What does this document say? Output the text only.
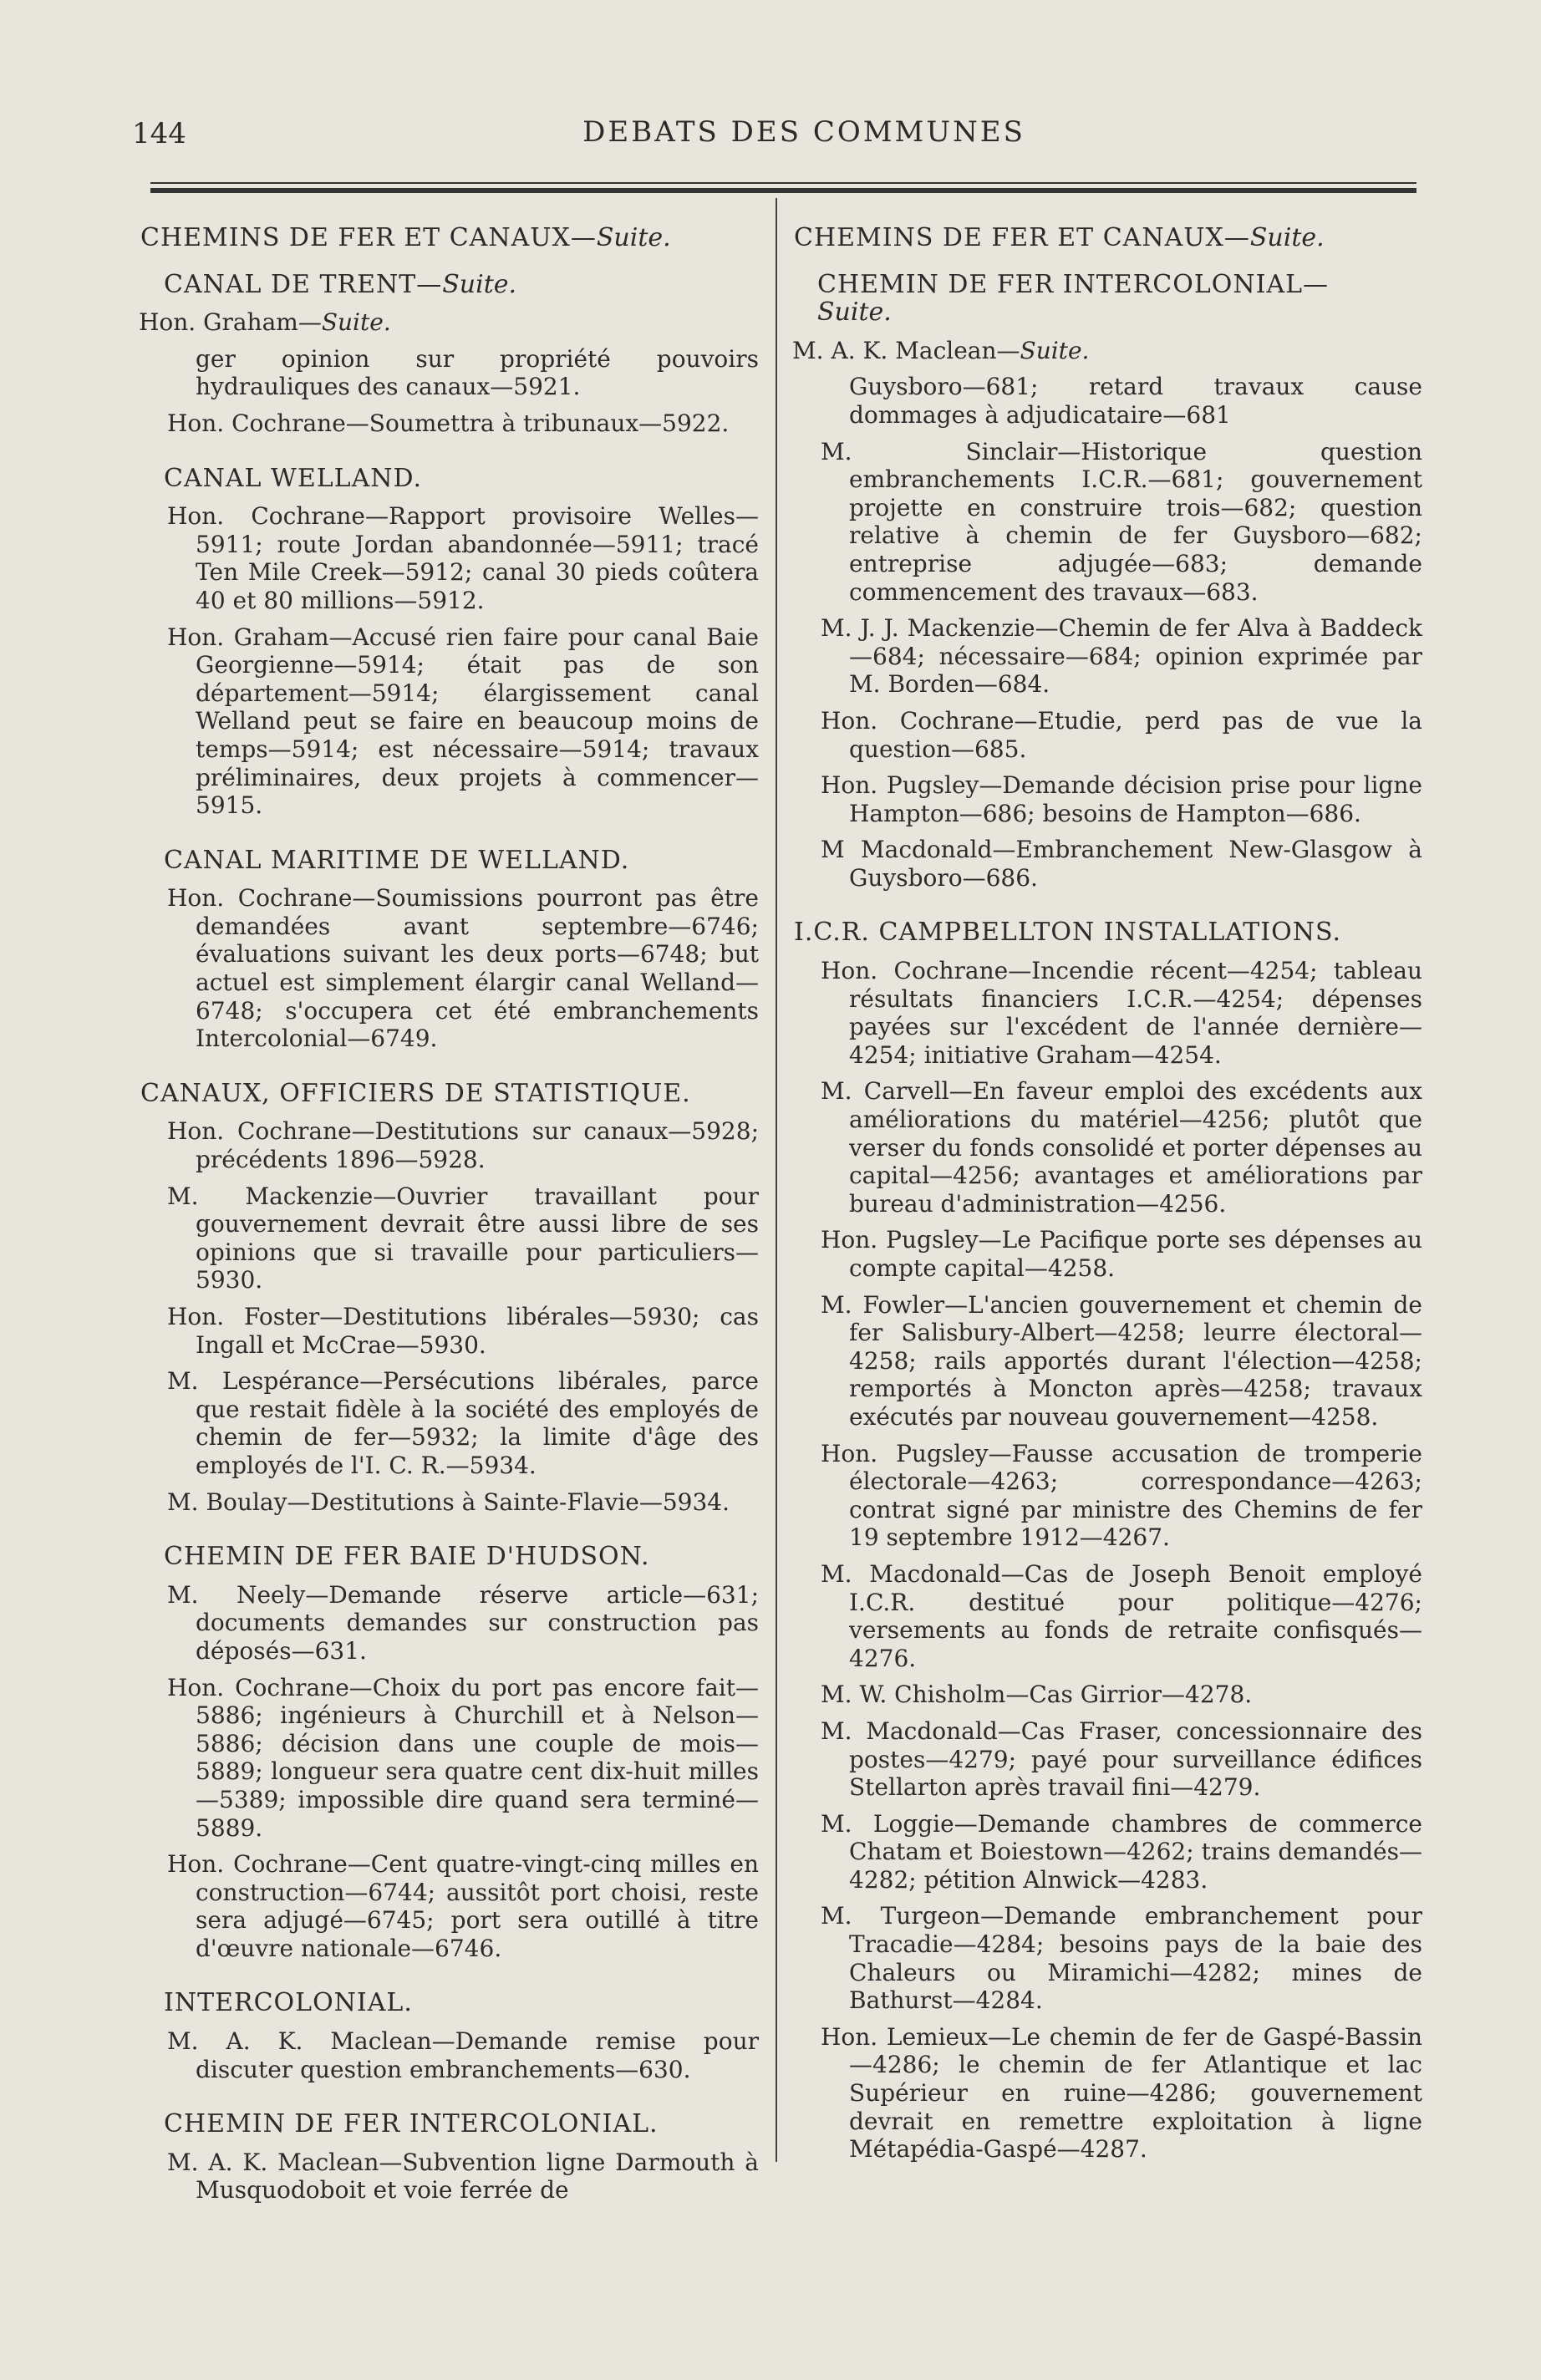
144	DEBATS DES COMMUNES
CHEMINS DE FER ET CANAUX—Suite.
CANAL DE TRENT—Suite.
Hon. Graham—Suite.
ger opinion sur propriété pouvoirs hydrauliques des canaux—5921.
Hon. Cochrane—Soumettra à tribunaux—5922.
CANAL WELLAND.
Hon. Cochrane—Rapport provisoire Welles—5911; route Jordan abandonnée—5911; tracé Ten Mile Creek—5912; canal 30 pieds coûtera 40 et 80 millions—5912.
Hon. Graham—Accusé rien faire pour canal Baie Georgienne—5914; était pas de son département—5914; élargissement canal Welland peut se faire en beaucoup moins de temps—5914; est nécessaire—5914; travaux préliminaires, deux projets à commencer—5915.
CANAL MARITIME DE WELLAND.
Hon. Cochrane—Soumissions pourront pas être demandées avant septembre—6746; évaluations suivant les deux ports—6748; but actuel est simplement élargir canal Welland—6748; s'occupera cet été embranchements Intercolonial—6749.
CANAUX, OFFICIERS DE STATISTIQUE.
Hon. Cochrane—Destitutions sur canaux—5928; précédents 1896—5928.
M. Mackenzie—Ouvrier travaillant pour gouvernement devrait être aussi libre de ses opinions que si travaille pour particuliers—5930.
Hon. Foster—Destitutions libérales—5930; cas Ingall et McCrae—5930.
M. Lespérance—Persécutions libérales, parce que restait fidèle à la société des employés de chemin de fer—5932; la limite d'âge des employés de l'I. C. R.—5934.
M. Boulay—Destitutions à Sainte-Flavie—5934.
CHEMIN DE FER BAIE D'HUDSON.
M. Neely—Demande réserve article—631; documents demandes sur construction pas déposés—631.
Hon. Cochrane—Choix du port pas encore fait—5886; ingénieurs à Churchill et à Nelson—5886; décision dans une couple de mois—5889; longueur sera quatre cent dix-huit milles—5389; impossible dire quand sera terminé—5889.
Hon. Cochrane—Cent quatre-vingt-cinq milles en construction—6744; aussitôt port choisi, reste sera adjugé—6745; port sera outillé à titre d'œuvre nationale—6746.
INTERCOLONIAL.
M. A. K. Maclean—Demande remise pour discuter question embranchements—630.
CHEMIN DE FER INTERCOLONIAL.
M. A. K. Maclean—Subvention ligne Darmouth à Musquodoboit et voie ferrée de
CHEMINS DE FER ET CANAUX—Suite.
CHEMIN DE FER INTERCOLONIAL—
Suite.
M. A. K. Maclean—Suite.
Guysboro—681; retard travaux cause dommages à adjudicataire—681
M. Sinclair—Historique question embranchements I.C.R.—681; gouvernement projette en construire trois—682; question relative à chemin de fer Guysboro—682; entreprise adjugée—683; demande commencement des travaux—683.
M. J. J. Mackenzie—Chemin de fer Alva à Baddeck—684; nécessaire—684; opinion exprimée par M. Borden—684.
Hon. Cochrane—Etudie, perd pas de vue la question—685.
Hon. Pugsley—Demande décision prise pour ligne Hampton—686; besoins de Hampton—686.
M Macdonald—Embranchement New-Glasgow à Guysboro—686.
I.C.R. CAMPBELLTON INSTALLATIONS.
Hon. Cochrane—Incendie récent—4254; tableau résultats financiers I.C.R.—4254; dépenses payées sur l'excédent de l'année dernière—4254; initiative Graham—4254.
M. Carvell—En faveur emploi des excédents aux améliorations du matériel—4256; plutôt que verser du fonds consolidé et porter dépenses au capital—4256; avantages et améliorations par bureau d'administration—4256.
Hon. Pugsley—Le Pacifique porte ses dépenses au compte capital—4258.
M. Fowler—L'ancien gouvernement et chemin de fer Salisbury-Albert—4258; leurre électoral—4258; rails apportés durant l'élection—4258; remportés à Moncton après—4258; travaux exécutés par nouveau gouvernement—4258.
Hon. Pugsley—Fausse accusation de tromperie électorale—4263; correspondance—4263; contrat signé par ministre des Chemins de fer 19 septembre 1912—4267.
M. Macdonald—Cas de Joseph Benoit employé I.C.R. destitué pour politique—4276; versements au fonds de retraite confisqués—4276.
M. W. Chisholm—Cas Girrior—4278.
M. Macdonald—Cas Fraser, concessionnaire des postes—4279; payé pour surveillance édifices Stellarton après travail fini—4279.
M. Loggie—Demande chambres de commerce Chatam et Boiestown—4262; trains demandés—4282; pétition Alnwick—4283.
M. Turgeon—Demande embranchement pour Tracadie—4284; besoins pays de la baie des Chaleurs ou Miramichi—4282; mines de Bathurst—4284.
Hon. Lemieux—Le chemin de fer de Gaspé-Bassin—4286; le chemin de fer Atlantique et lac Supérieur en ruine—4286; gouvernement devrait en remettre exploitation à ligne Métapédia-Gaspé—4287.
